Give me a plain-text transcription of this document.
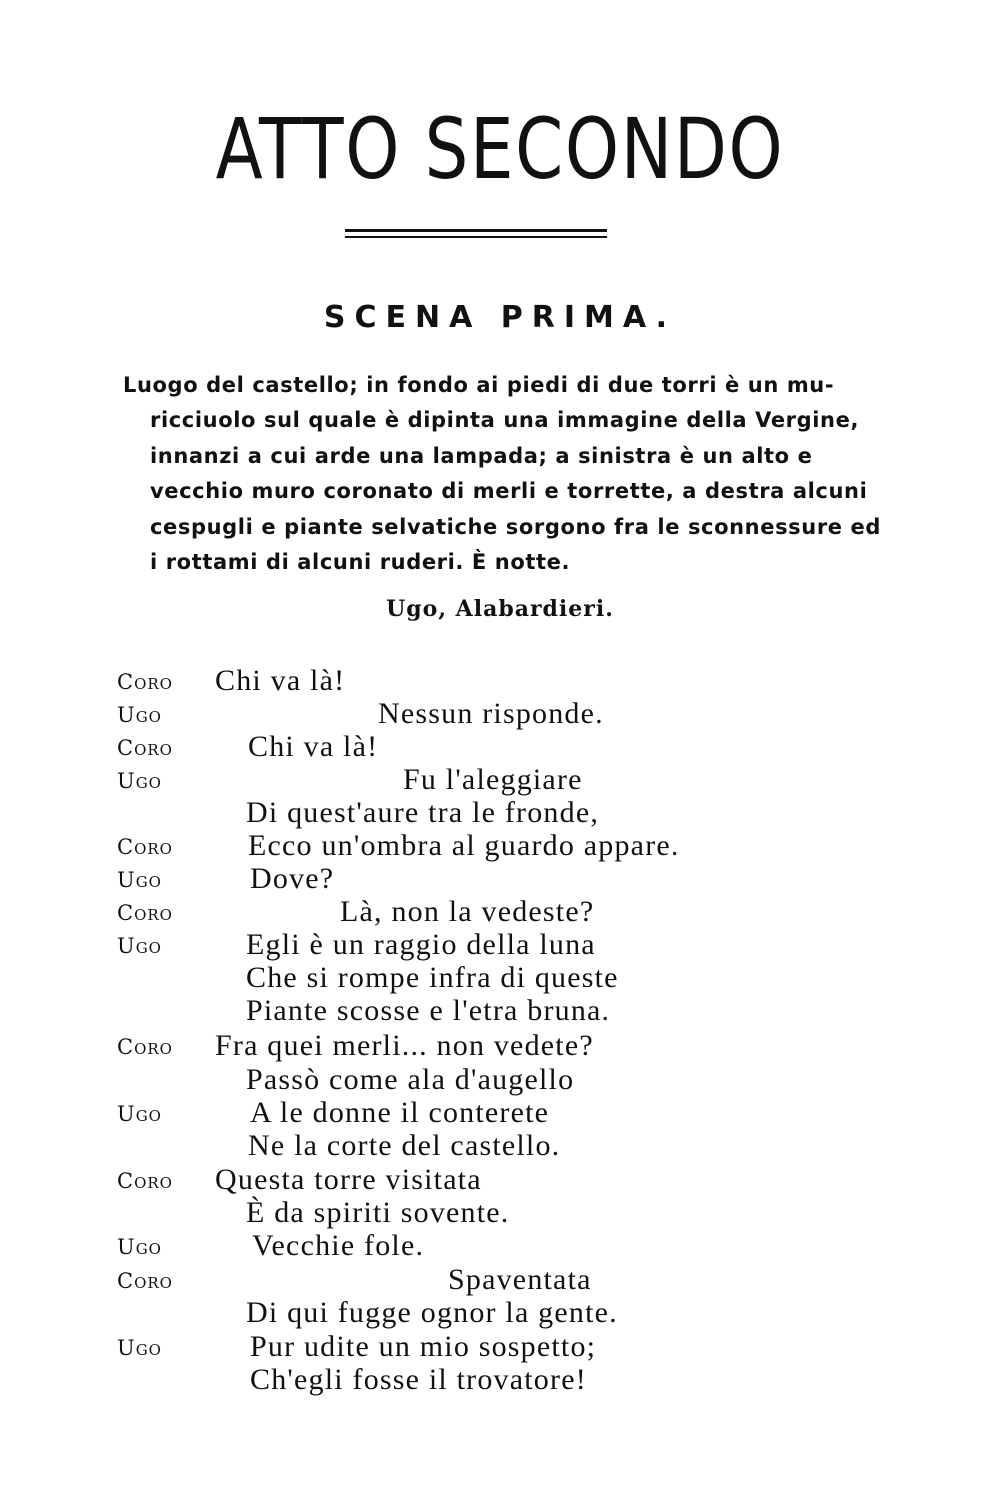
ATTO SECONDO
SCENA PRIMA.

Luogo del castello; in fondo ai piedi di due torri è un mu-
ricciuolo sul quale è dipinta una immagine della Vergine,
innanzi a cui arde una lampada; a sinistra è un alto e
vecchio muro coronato di merli e torrette, a destra alcuni
cespugli e piante selvatiche sorgono fra le sconnessure ed
i rottami di alcuni ruderi. È notte.

Ugo, Alabardieri.

Coro Chi va là!
Ugo	Nessun risponde.
Coro	Chi va là!
Ugo	Fu l'aleggiare
Di quest'aure tra le fronde,
Coro	Ecco un'ombra al guardo appare.
Ugo	Dove?
Coro	Là, non la vedeste?
Ugo	Egli è un raggio della luna
Che si rompe infra di queste
Piante scosse e l'etra bruna.
Coro Fra quei merli... non vedete?
Passò come ala d'augello
Ugo	A le donne il conterete
Ne la corte del castello.
Coro Questa torre visitata
È da spiriti sovente.
Ugo	Vecchie fole.
Coro	Spaventata
Di qui fugge ognor la gente.
Ugo	Pur udite un mio sospetto;
Ch'egli fosse il trovatore!
